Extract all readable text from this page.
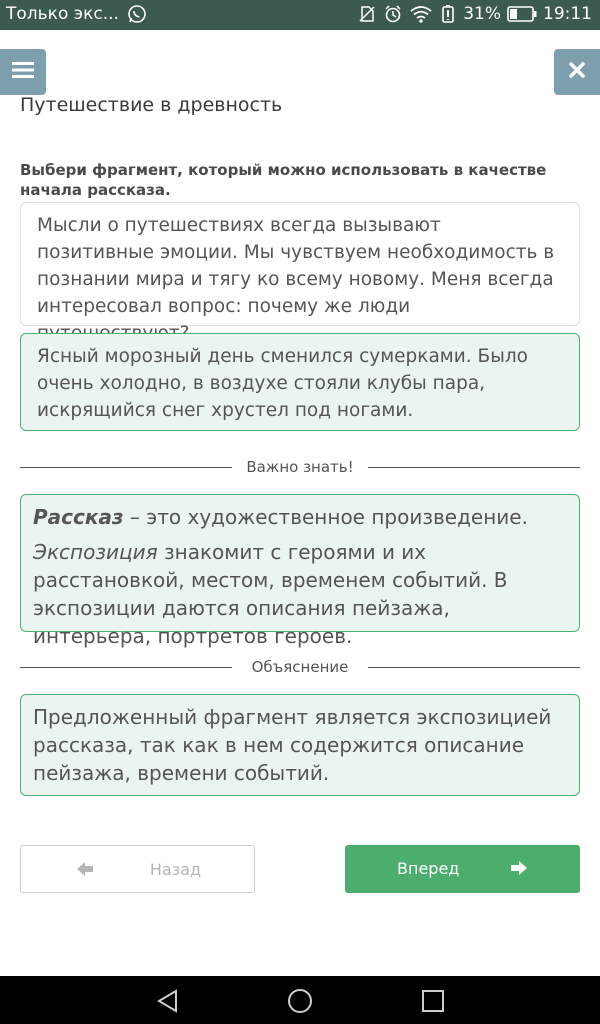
Только экс...	31% 19:11
Путешествие в древность
Выбери фрагмент, который можно использовать в качестве начала рассказа.
Мысли о путешествиях всегда вызывают позитивные эмоции. Мы чувствуем необходимость в познании мира и тягу ко всему новому. Меня всегда интересовал вопрос: почему же люди
Ясный морозный день сменился сумерками. Было очень холодно, в воздухе стояли клубы пара, искрящийся снег хрустел под ногами.
Важно знать!

Рассказ – это художественное произведение.

Экспозиция знакомит с героями и их расстановкой, местом, временем событий. В экспозиции даются описания пейзажа, интерьера, портретов героев.

Объяснение
Предложенный фрагмент является экспозицией рассказа, так как в нем содержится описание пейзажа, времени событий.
Назад	Вперед
